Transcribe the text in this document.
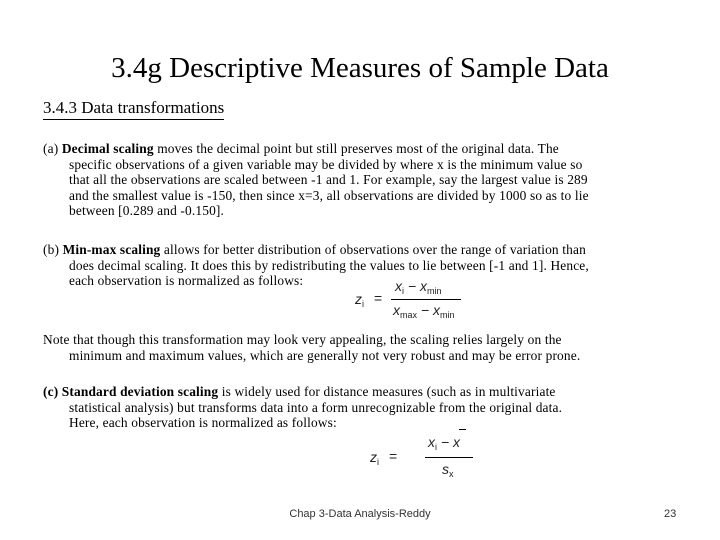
3.4g Descriptive Measures of Sample Data
3.4.3 Data transformations
(a) Decimal scaling moves the decimal point but still preserves most of the original data. The
specific observations of a given variable may be divided by where x is the minimum value so
that all the observations are scaled between -1 and 1. For example, say the largest value is 289
and the smallest value is -150, then since x=3, all observations are divided by 1000 so as to lie
between [0.289 and -0.150].
(b) Min-max scaling allows for better distribution of observations over the range of variation than
does decimal scaling. It does this by redistributing the values to lie between [-1 and 1]. Hence,
each observation is normalized as follows:
$z_i$ =
$x_i - x_{min}$
$x_{max} - x_{min}$
Note that though this transformation may look very appealing, the scaling relies largely on the
minimum and maximum values, which are generally not very robust and may be error prone.
(c) Standard deviation scaling is widely used for distance measures (such as in multivariate
statistical analysis) but transforms data into a form unrecognizable from the original data.
Here, each observation is normalized as follows:
$z_i$ =
$x_i - x$
$s_x$
Chap 3-Data Analysis-Reddy	23
